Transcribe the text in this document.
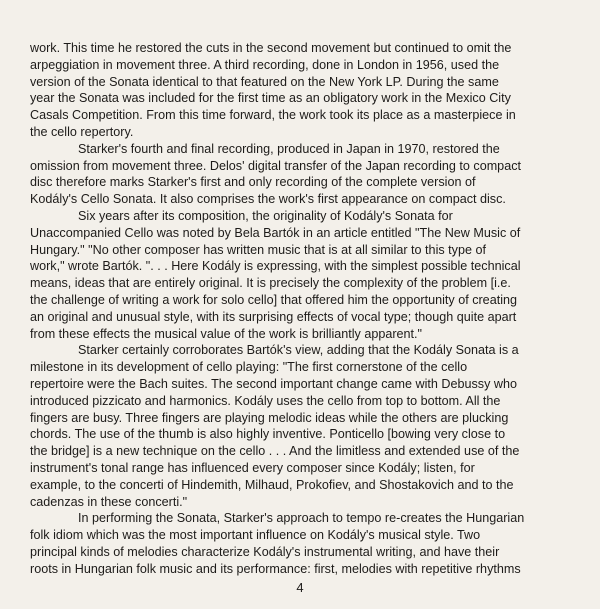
work. This time he restored the cuts in the second movement but continued to omit the
arpeggiation in movement three. A third recording, done in London in 1956, used the
version of the Sonata identical to that featured on the New York LP. During the same
year the Sonata was included for the first time as an obligatory work in the Mexico City
Casals Competition. From this time forward, the work took its place as a masterpiece in
the cello repertory.
Starker's fourth and final recording, produced in Japan in 1970, restored the
omission from movement three. Delos' digital transfer of the Japan recording to compact
disc therefore marks Starker's first and only recording of the complete version of
Kodály's Cello Sonata. It also comprises the work's first appearance on compact disc.
Six years after its composition, the originality of Kodály's Sonata for
Unaccompanied Cello was noted by Bela Bartók in an article entitled "The New Music of
Hungary." "No other composer has written music that is at all similar to this type of
work," wrote Bartók. ". . . Here Kodály is expressing, with the simplest possible technical
means, ideas that are entirely original. It is precisely the complexity of the problem [i.e.
the challenge of writing a work for solo cello] that offered him the opportunity of creating
an original and unusual style, with its surprising effects of vocal type; though quite apart
from these effects the musical value of the work is brilliantly apparent."
Starker certainly corroborates Bartók's view, adding that the Kodály Sonata is a
milestone in its development of cello playing: "The first cornerstone of the cello
repertoire were the Bach suites. The second important change came with Debussy who
introduced pizzicato and harmonics. Kodály uses the cello from top to bottom. All the
fingers are busy. Three fingers are playing melodic ideas while the others are plucking
chords. The use of the thumb is also highly inventive. Ponticello [bowing very close to
the bridge] is a new technique on the cello . . . And the limitless and extended use of the
instrument's tonal range has influenced every composer since Kodály; listen, for
example, to the concerti of Hindemith, Milhaud, Prokofiev, and Shostakovich and to the
cadenzas in these concerti."
In performing the Sonata, Starker's approach to tempo re-creates the Hungarian
folk idiom which was the most important influence on Kodály's musical style. Two
principal kinds of melodies characterize Kodály's instrumental writing, and have their
roots in Hungarian folk music and its performance: first, melodies with repetitive rhythms
4
